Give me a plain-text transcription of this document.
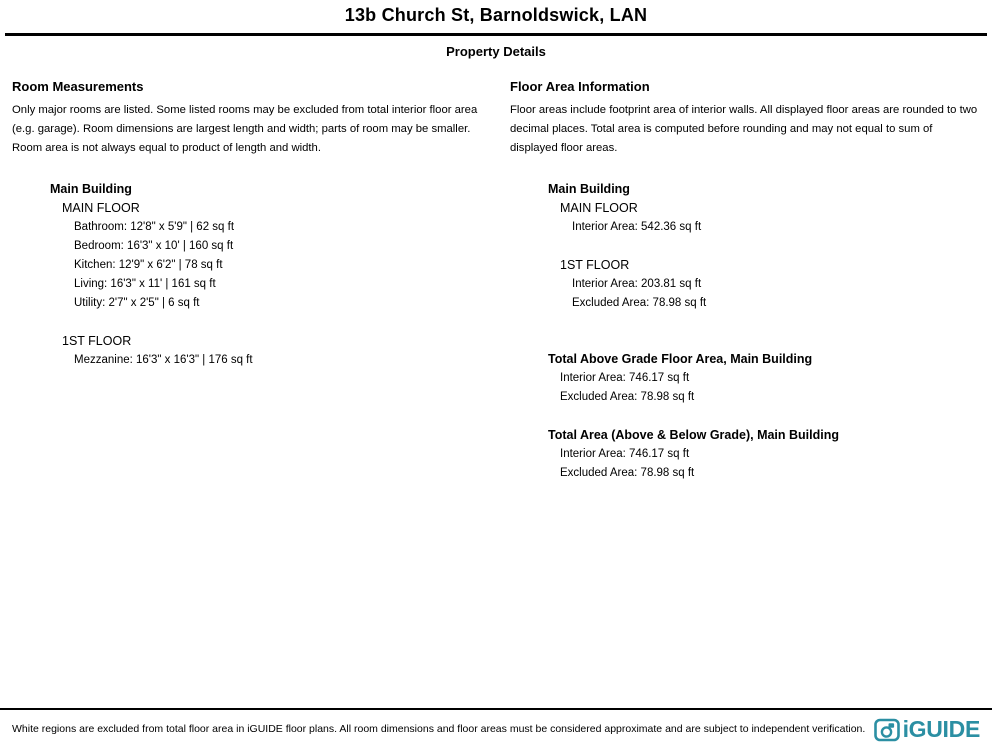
13b Church St, Barnoldswick, LAN
Property Details
Room Measurements

Only major rooms are listed. Some listed rooms may be excluded from total interior floor area (e.g. garage). Room dimensions are largest length and width; parts of room may be smaller. Room area is not always equal to product of length and width.

Main Building
MAIN FLOOR
Bathroom: 12'8" x 5'9" | 62 sq ft
Bedroom: 16'3" x 10' | 160 sq ft
Kitchen: 12'9" x 6'2" | 78 sq ft
Living: 16'3" x 11' | 161 sq ft
Utility: 2'7" x 2'5" | 6 sq ft
1ST FLOOR
Mezzanine: 16'3" x 16'3" | 176 sq ft
Floor Area Information

Floor areas include footprint area of interior walls. All displayed floor areas are rounded to two decimal places. Total area is computed before rounding and may not equal to sum of displayed floor areas.

Main Building
MAIN FLOOR
Interior Area: 542.36 sq ft
1ST FLOOR
Interior Area: 203.81 sq ft
Excluded Area: 78.98 sq ft
Total Above Grade Floor Area, Main Building
Interior Area: 746.17 sq ft
Excluded Area: 78.98 sq ft
Total Area (Above & Below Grade), Main Building
Interior Area: 746.17 sq ft
Excluded Area: 78.98 sq ft
White regions are excluded from total floor area in iGUIDE floor plans. All room dimensions and floor areas must be considered approximate and are subject to independent verification. iGUIDE
